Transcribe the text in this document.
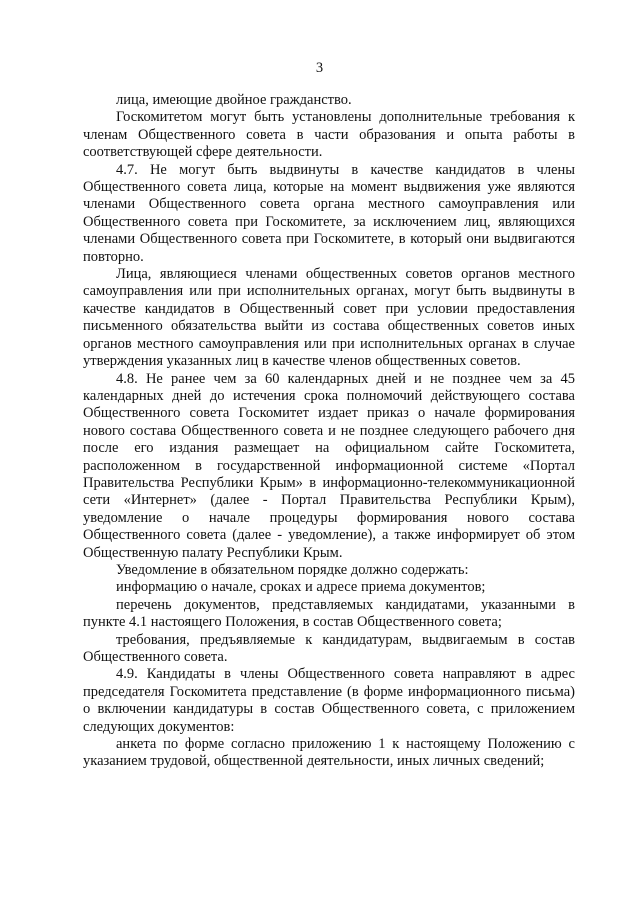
3

лица, имеющие двойное гражданство.

Госкомитетом могут быть установлены дополнительные требования к членам Общественного совета в части образования и опыта работы в соответствующей сфере деятельности.

4.7. Не могут быть выдвинуты в качестве кандидатов в члены Общественного совета лица, которые на момент выдвижения уже являются членами Общественного совета органа местного самоуправления или Общественного совета при Госкомитете, за исключением лиц, являющихся членами Общественного совета при Госкомитете, в который они выдвигаются повторно.

Лица, являющиеся членами общественных советов органов местного самоуправления или при исполнительных органах, могут быть выдвинуты в качестве кандидатов в Общественный совет при условии предоставления письменного обязательства выйти из состава общественных советов иных органов местного самоуправления или при исполнительных органах в случае утверждения указанных лиц в качестве членов общественных советов.

4.8. Не ранее чем за 60 календарных дней и не позднее чем за 45 календарных дней до истечения срока полномочий действующего состава Общественного совета Госкомитет издает приказ о начале формирования нового состава Общественного совета и не позднее следующего рабочего дня после его издания размещает на официальном сайте Госкомитета, расположенном в государственной информационной системе «Портал Правительства Республики Крым» в информационно-телекоммуникационной сети «Интернет» (далее - Портал Правительства Республики Крым), уведомление о начале процедуры формирования нового состава Общественного совета (далее - уведомление), а также информирует об этом Общественную палату Республики Крым.

Уведомление в обязательном порядке должно содержать:

информацию о начале, сроках и адресе приема документов;

перечень документов, представляемых кандидатами, указанными в пункте 4.1 настоящего Положения, в состав Общественного совета;

требования, предъявляемые к кандидатурам, выдвигаемым в состав Общественного совета.

4.9. Кандидаты в члены Общественного совета направляют в адрес председателя Госкомитета представление (в форме информационного письма) о включении кандидатуры в состав Общественного совета, с приложением следующих документов:

анкета по форме согласно приложению 1 к настоящему Положению с указанием трудовой, общественной деятельности, иных личных сведений;
